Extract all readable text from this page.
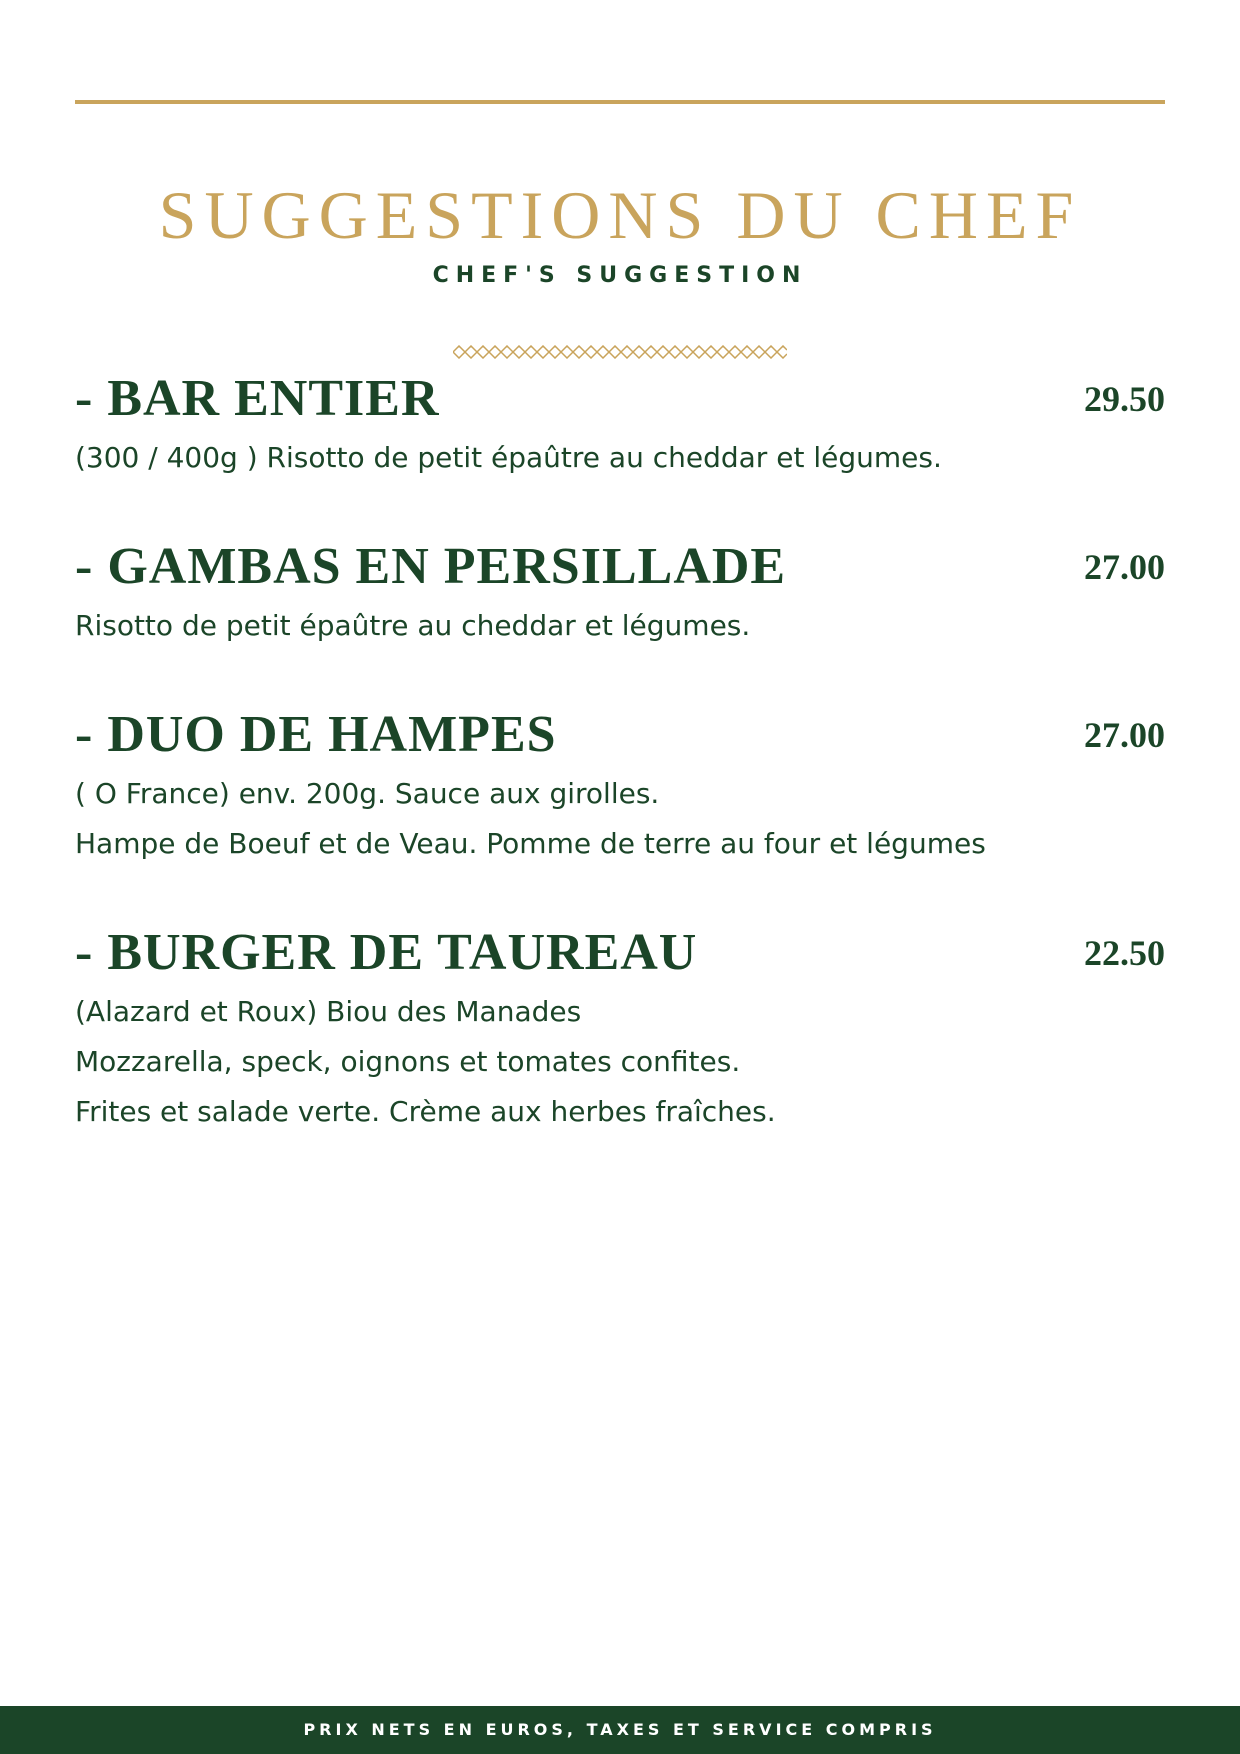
SUGGESTIONS DU CHEF
CHEF'S SUGGESTION
- BAR ENTIER	29.50
(300 / 400g ) Risotto de petit épaûtre au cheddar et légumes.
- GAMBAS EN PERSILLADE	27.00
Risotto de petit épaûtre au cheddar et légumes.
- DUO DE HAMPES	27.00
( O France) env. 200g. Sauce aux girolles.
Hampe de Boeuf et de Veau. Pomme de terre au four et légumes
- BURGER DE TAUREAU	22.50
(Alazard et Roux) Biou des Manades
Mozzarella, speck, oignons et tomates confites.
Frites et salade verte. Crème aux herbes fraîches.
PRIX NETS EN EUROS, TAXES ET SERVICE COMPRIS
